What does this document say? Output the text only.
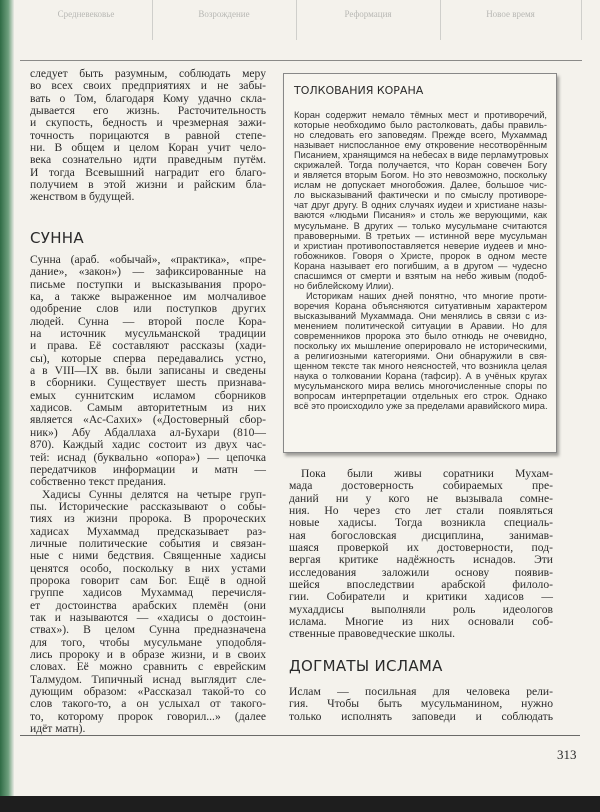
Средневековье	Возрождение	Реформация	Новое время
следует быть разумным, соблюдать меру
во всех своих предприятиях и не забы-
вать о Том, благодаря Кому удачно скла-
дывается его жизнь. Расточительность
и скупость, бедность и чрезмерная зажи-
точность порицаются в равной степе-
ни. В общем и целом Коран учит чело-
века сознательно идти праведным путём.
И тогда Всевышний наградит его благо-
получием в этой жизни и райским бла-
женством в будущей.
СУННА
Сунна (араб. «обычай», «практика», «пре-
дание», «закон») — зафиксированные на
письме поступки и высказывания проро-
ка, а также выраженное им молчаливое
одобрение слов или поступков других
людей. Сунна — второй после Кора-
на источник мусульманской традиции
и права. Её составляют рассказы (хади-
сы), которые сперва передавались устно,
а в VIII—IX вв. были записаны и сведены
в сборники. Существует шесть признава-
емых суннитским исламом сборников
хадисов. Самым авторитетным из них
является «Ас-Сахих» («Достоверный сбор-
ник») Абу Абдаллаха ал-Бухари (810—
870). Каждый хадис состоит из двух час-
тей: иснад (буквально «опора») — цепочка
передатчиков информации и матн —
собственно текст предания.
Хадисы Сунны делятся на четыре груп-
пы. Исторические рассказывают о собы-
тиях из жизни пророка. В пророческих
хадисах Мухаммад предсказывает раз-
личные политические события и связан-
ные с ними бедствия. Священные хадисы
ценятся особо, поскольку в них устами
пророка говорит сам Бог. Ещё в одной
группе хадисов Мухаммад перечисля-
ет достоинства арабских племён (они
так и называются — «хадисы о достоин-
ствах»). В целом Сунна предназначена
для того, чтобы мусульмане уподобля-
лись пророку и в образе жизни, и в своих
словах. Её можно сравнить с еврейским
Талмудом. Типичный иснад выглядит сле-
дующим образом: «Рассказал такой-то со
слов такого-то, а он услыхал от такого-
то, которому пророк говорил...» (далее
идёт матн).
ТОЛКОВАНИЯ КОРАНА
Коран содержит немало тёмных мест и противоречий,
которые необходимо было растолковать, дабы правиль-
но следовать его заповедям. Прежде всего, Мухаммад
называет ниспосланное ему откровение несотворённым
Писанием, хранящимся на небесах в виде перламутровых
скрижалей. Тогда получается, что Коран совечен Богу
и является вторым Богом. Но это невозможно, поскольку
ислам не допускает многобожия. Далее, большое чис-
ло высказываний фактически и по смыслу противоре-
чат друг другу. В одних случаях иудеи и христиане назы-
ваются «людьми Писания» и столь же верующими, как
мусульмане. В других — только мусульмане считаются
правоверными. В третьих — истинной вере мусульман
и христиан противопоставляется неверие иудеев и мно-
гобожников. Говоря о Христе, пророк в одном месте
Корана называет его погибшим, а в другом — чудесно
спасшимся от смерти и взятым на небо живым (подоб-
но библейскому Илии).
Историкам наших дней понятно, что многие проти-
воречия Корана объясняются ситуативным характером
высказываний Мухаммада. Они менялись в связи с из-
менением политической ситуации в Аравии. Но для
современников пророка это было отнюдь не очевидно,
поскольку их мышление оперировало не историческими,
а религиозными категориями. Они обнаружили в свя-
щенном тексте так много неясностей, что возникла целая
наука о толковании Корана (тафсир). А в учёных кругах
мусульманского мира велись многочисленные споры по
вопросам интерпретации отдельных его строк. Однако
всё это происходило уже за пределами аравийского мира.
Пока были живы соратники Мухам-
мада достоверность собираемых пре-
даний ни у кого не вызывала сомне-
ния. Но через сто лет стали появляться
новые хадисы. Тогда возникла специаль-
ная богословская дисциплина, занимав-
шаяся проверкой их достоверности, под-
вергая критике надёжность иснадов. Эти
исследования заложили основу появив-
шейся впоследствии арабской филоло-
гии. Собиратели и критики хадисов —
мухаддисы выполняли роль идеологов
ислама. Многие из них основали соб-
ственные правоведческие школы.
ДОГМАТЫ ИСЛАМА
Ислам — посильная для человека рели-
гия. Чтобы быть мусульманином, нужно
только исполнять заповеди и соблюдать
313
